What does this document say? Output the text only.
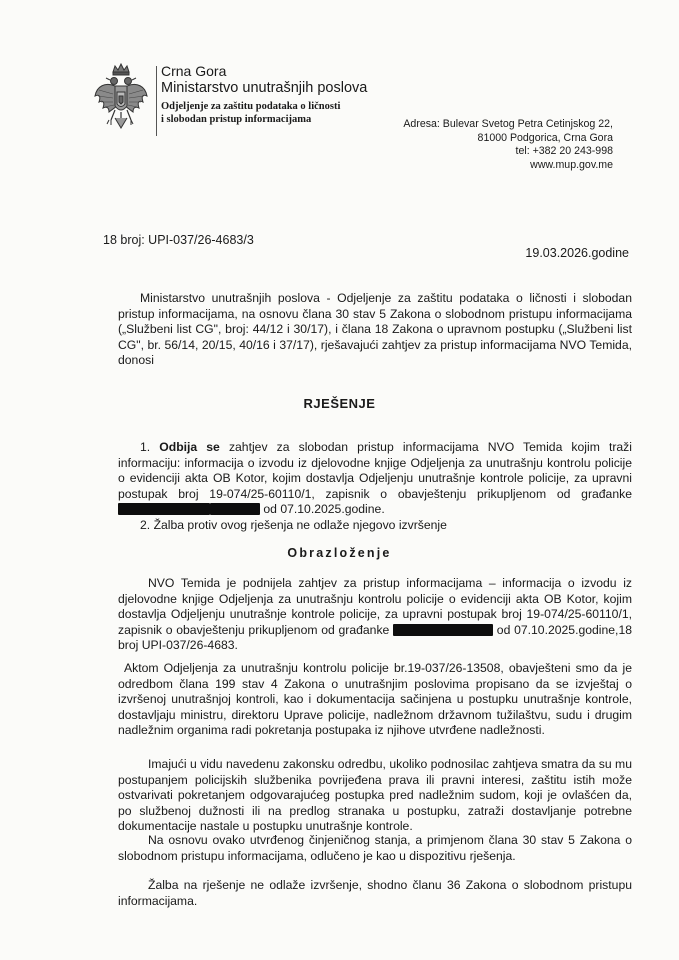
Crna Gora
Ministarstvo unutrašnjih poslova
Odjeljenje za zaštitu podataka o ličnosti
i slobodan pristup informacijama	Adresa: Bulevar Svetog Petra Cetinjskog 22,
81000 Podgorica, Crna Gora
tel: +382 20 243-998
www.mup.gov.me
18 broj: UPI-037/26-4683/3
19.03.2026.godine

Ministarstvo unutrašnjih poslova - Odjeljenje za zaštitu podataka o ličnosti i slobodan pristup informacijama, na osnovu člana 30 stav 5 Zakona o slobodnom pristupu informacijama („Službeni list CG", broj: 44/12 i 30/17), i člana 18 Zakona o upravnom postupku („Službeni list CG", br. 56/14, 20/15, 40/16 i 37/17), rješavajući zahtjev za pristup informacijama NVO Temida, donosi

RJEŠENJE

1. Odbija se zahtjev za slobodan pristup informacijama NVO Temida kojim traži informaciju: informacija o izvodu iz djelovodne knjige Odjeljenja za unutrašnju kontrolu policije o evidenciji akta OB Kotor, kojim dostavlja Odjeljenju unutrašnje kontrole policije, za upravni postupak broj 19-074/25-60110/1, zapisnik o obavještenju prikupljenom od građanke  od 07.10.2025.godine.

2. Žalba protiv ovog rješenja ne odlaže njegovo izvršenje

Obrazloženje

NVO Temida je podnijela zahtjev za pristup informacijama – informacija o izvodu iz djelovodne knjige Odjeljenja za unutrašnju kontrolu policije o evidenciji akta OB Kotor, kojim dostavlja Odjeljenju unutrašnje kontrole policije, za upravni postupak broj 19-074/25-60110/1, zapisnik o obavještenju prikupljenom od građanke	od 07.10.2025.godine,18 broj UPI-037/26-4683.

Aktom Odjeljenja za unutrašnju kontrolu policije br.19-037/26-13508, obavješteni smo da je odredbom člana 199 stav 4 Zakona o unutrašnjim poslovima propisano da se izvještaj o izvršenoj unutrašnjoj kontroli, kao i dokumentacija sačinjena u postupku unutrašnje kontrole, dostavljaju ministru, direktoru Uprave policije, nadležnom državnom tužilaštvu, sudu i drugim nadležnim organima radi pokretanja postupaka iz njihove utvrđene nadležnosti.

Imajući u vidu navedenu zakonsku odredbu, ukoliko podnosilac zahtjeva smatra da su mu postupanjem policijskih službenika povrijeđena prava ili pravni interesi, zaštitu istih može ostvarivati pokretanjem odgovarajućeg postupka pred nadležnim sudom, koji je ovlašćen da, po službenoj dužnosti ili na predlog stranaka u postupku, zatraži dostavljanje potrebne dokumentacije nastale u postupku unutrašnje kontrole.

Na osnovu ovako utvrđenog činjeničnog stanja, a primjenom člana 30 stav 5 Zakona o slobodnom pristupu informacijama, odlučeno je kao u dispozitivu rješenja.

Žalba na rješenje ne odlaže izvršenje, shodno članu 36 Zakona o slobodnom pristupu informacijama.
